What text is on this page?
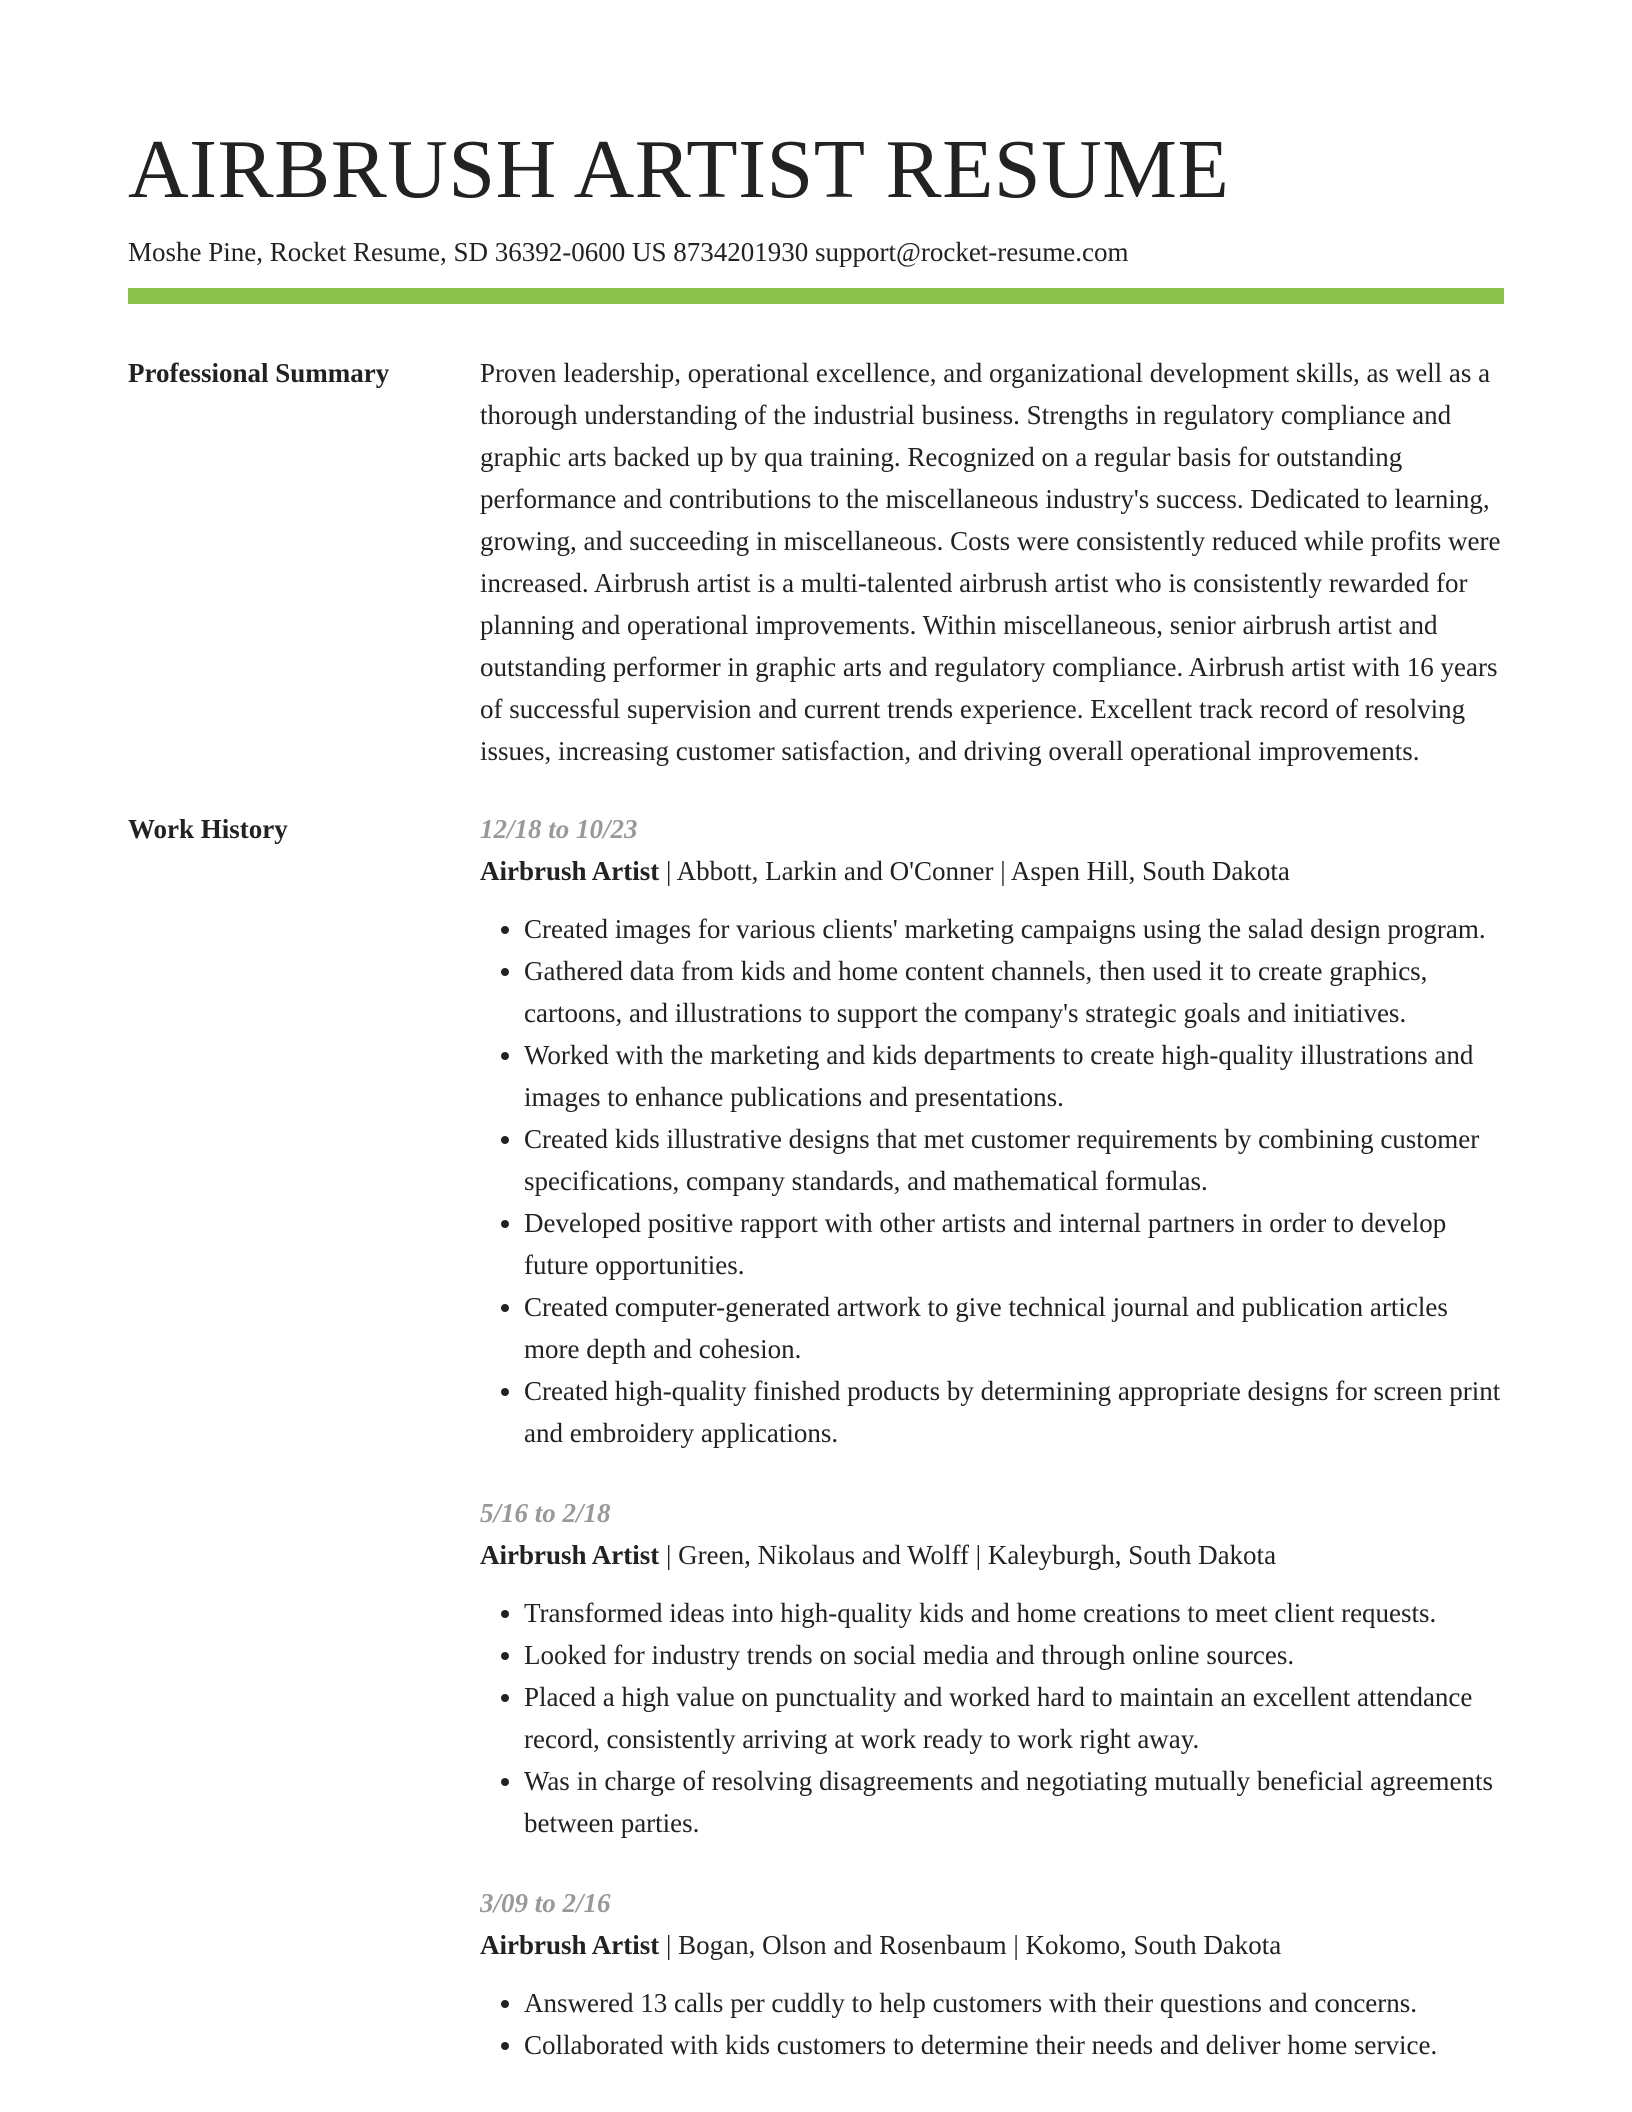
AIRBRUSH ARTIST RESUME
Moshe Pine, Rocket Resume, SD 36392-0600 US 8734201930 support@rocket-resume.com
Professional Summary	Proven leadership, operational excellence, and organizational development skills, as well as a thorough understanding of the industrial business. Strengths in regulatory compliance and graphic arts backed up by qua training. Recognized on a regular basis for outstanding performance and contributions to the miscellaneous industry's success. Dedicated to learning, growing, and succeeding in miscellaneous. Costs were consistently reduced while profits were increased. Airbrush artist is a multi-talented airbrush artist who is consistently rewarded for planning and operational improvements. Within miscellaneous, senior airbrush artist and outstanding performer in graphic arts and regulatory compliance. Airbrush artist with 16 years of successful supervision and current trends experience. Excellent track record of resolving issues, increasing customer satisfaction, and driving overall operational improvements.

Work History	12/18 to 10/23
Airbrush Artist | Abbott, Larkin and O'Conner | Aspen Hill, South Dakota
• Created images for various clients' marketing campaigns using the salad design program.
• Gathered data from kids and home content channels, then used it to create graphics, cartoons, and illustrations to support the company's strategic goals and initiatives.
• Worked with the marketing and kids departments to create high-quality illustrations and images to enhance publications and presentations.
• Created kids illustrative designs that met customer requirements by combining customer specifications, company standards, and mathematical formulas.
• Developed positive rapport with other artists and internal partners in order to develop future opportunities.
• Created computer-generated artwork to give technical journal and publication articles more depth and cohesion.
• Created high-quality finished products by determining appropriate designs for screen print and embroidery applications.
5/16 to 2/18
Airbrush Artist | Green, Nikolaus and Wolff | Kaleyburgh, South Dakota
• Transformed ideas into high-quality kids and home creations to meet client requests.
• Looked for industry trends on social media and through online sources.
• Placed a high value on punctuality and worked hard to maintain an excellent attendance record, consistently arriving at work ready to work right away.
• Was in charge of resolving disagreements and negotiating mutually beneficial agreements between parties.
3/09 to 2/16
Airbrush Artist | Bogan, Olson and Rosenbaum | Kokomo, South Dakota
• Answered 13 calls per cuddly to help customers with their questions and concerns.
• Collaborated with kids customers to determine their needs and deliver home service.
